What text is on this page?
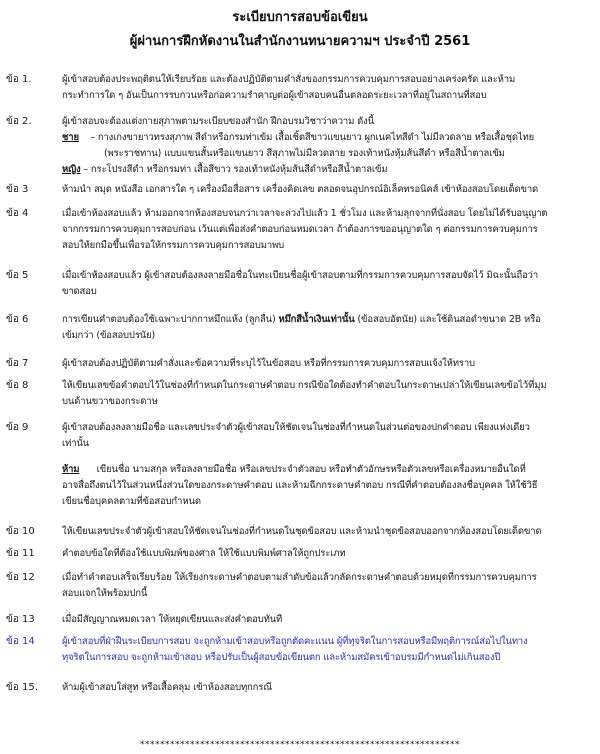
ระเบียบการสอบข้อเขียน
ผู้ผ่านการฝึกหัดงานในสำนักงานทนายความฯ ประจำปี 2561
ข้อ 1.	ผู้เข้าสอบต้องประพฤติตนให้เรียบร้อย และต้องปฏิบัติตามคำสั่งของกรรมการควบคุมการสอบอย่างเคร่งครัด และห้าม
กระทำการใด ๆ อันเป็นการรบกวนหรือก่อความรำคาญต่อผู้เข้าสอบคนอื่นตลอดระยะเวลาที่อยู่ในสถานที่สอบ
ข้อ 2.	ผู้เข้าสอบจะต้องแต่งกายสุภาพตามระเบียบของสำนัก ฝึกอบรมวิชาว่าความ ดังนี้
ชาย – กางเกงขายาวทรงสุภาพ สีดำหรือกรมท่าเข้ม เสื้อเชิ้ตสีขาวแขนยาว ผูกเนคไทสีดำ ไม่มีลวดลาย หรือเสื้อชุดไทย
(พระราชทาน) แบบแขนสั้นหรือแขนยาว สีสุภาพไม่มีลวดลาย รองเท้าหนังหุ้มส้นสีดำ หรือสีน้ำตาลเข้ม
หญิง – กระโปรงสีดำ หรือกรมท่า เสื้อสีขาว รองเท้าหนังหุ้มส้นสีดำหรือสีน้ำตาลเข้ม
ข้อ 3	ห้ามนำ สมุด หนังสือ เอกสารใด ๆ เครื่องมือสื่อสาร เครื่องคิดเลข ตลอดจนอุปกรณ์อิเล็คทรอนิคส์ เข้าห้องสอบโดยเด็ดขาด
ข้อ 4	เมื่อเข้าห้องสอบแล้ว ห้ามออกจากห้องสอบจนกว่าเวลาจะล่วงไปแล้ว 1 ชั่วโมง และห้ามลุกจากที่นั่งสอบ โดยไม่ได้รับอนุญาต
จากกรรมการควบคุมการสอบก่อน เว้นแต่เพื่อส่งคำตอบก่อนหมดเวลา ถ้าต้องการขออนุญาตใด ๆ ต่อกรรมการควบคุมการ
สอบให้ยกมือขึ้นเพื่อรอให้กรรมการควบคุมการสอบมาพบ
ข้อ 5	เมื่อเข้าห้องสอบแล้ว ผู้เข้าสอบต้องลงลายมือชื่อในทะเบียนชื่อผู้เข้าสอบตามที่กรรมการควบคุมการสอบจัดไว้ มิฉะนั้นถือว่า
ขาดสอบ
ข้อ 6	การเขียนคำตอบต้องใช้เฉพาะปากกาหมึกแห้ง (ลูกลื่น) หมึกสีน้ำเงินเท่านั้น (ข้อสอบอัตนัย) และใช้ดินสอดำขนาด 2B หรือ
เข้มกว่า (ข้อสอบปรนัย)
ข้อ 7	ผู้เข้าสอบต้องปฏิบัติตามคำสั่งและข้อความที่ระบุไว้ในข้อสอบ หรือที่กรรมการควบคุมการสอบแจ้งให้ทราบ
ข้อ 8	ให้เขียนเลขข้อคำตอบไว้ในช่องที่กำหนดในกระดาษคำตอบ กรณีข้อใดต้องทำคำตอบในกระดาษเปล่าให้เขียนเลขข้อไว้ที่มุม
บนด้านขวาของกระดาษ
ข้อ 9	ผู้เข้าสอบต้องลงลายมือชื่อ และเลขประจำตัวผู้เข้าสอบให้ชัดเจนในช่องที่กำหนดในส่วนต่อของปกคำตอบ เพียงแห่งเดียว
เท่านั้น
ห้าม เขียนชื่อ นามสกุล หรือลงลายมือชื่อ หรือเลขประจำตัวสอบ หรือทำตัวอักษรหรือตัวเลขหรือเครื่องหมายอื่นใดที่
อาจสื่อถึงตนไว้ในส่วนหนึ่งส่วนใดของกระดาษคำตอบ และห้ามฉีกกระดาษคำตอบ กรณีที่คำตอบต้องลงชื่อบุคคล ให้ใช้วิธี
เขียนชื่อบุคคลตามที่ข้อสอบกำหนด
ข้อ 10	ให้เขียนเลขประจำตัวผู้เข้าสอบให้ชัดเจนในช่องที่กำหนดในชุดข้อสอบ และห้ามนำชุดข้อสอบออกจากห้องสอบโดยเด็ดขาด
ข้อ 11	คำตอบข้อใดที่ต้องใช้แบบพิมพ์ของศาล ให้ใช้แบบพิมพ์ศาลให้ถูกประเภท
ข้อ 12	เมื่อทำคำตอบเสร็จเรียบร้อย ให้เรียงกระดาษคำตอบตามลำดับข้อแล้วกลัดกระดาษคำตอบด้วยหมุดที่กรรมการควบคุมการ
สอบแจกให้พร้อมปกนี้
ข้อ 13	เมื่อมีสัญญาณหมดเวลา ให้หยุดเขียนและส่งคำตอบทันที
ข้อ 14	ผู้เข้าสอบที่ฝ่าฝืนระเบียบการสอบ จะถูกห้ามเข้าสอบหรือถูกตัดคะแนน ผู้ที่ทุจริตในการสอบหรือมีพฤติการณ์ส่อไปในทาง
ทุจริตในการสอบ จะถูกห้ามเข้าสอบ หรือปรับเป็นผู้สอบข้อเขียนตก และห้ามสมัครเข้าอบรมมีกำหนดไม่เกินสองปี
ข้อ 15.	ห้ามผู้เข้าสอบใส่สูท หรือเสื้อคลุม เข้าห้องสอบทุกกรณี
****************************************************************
